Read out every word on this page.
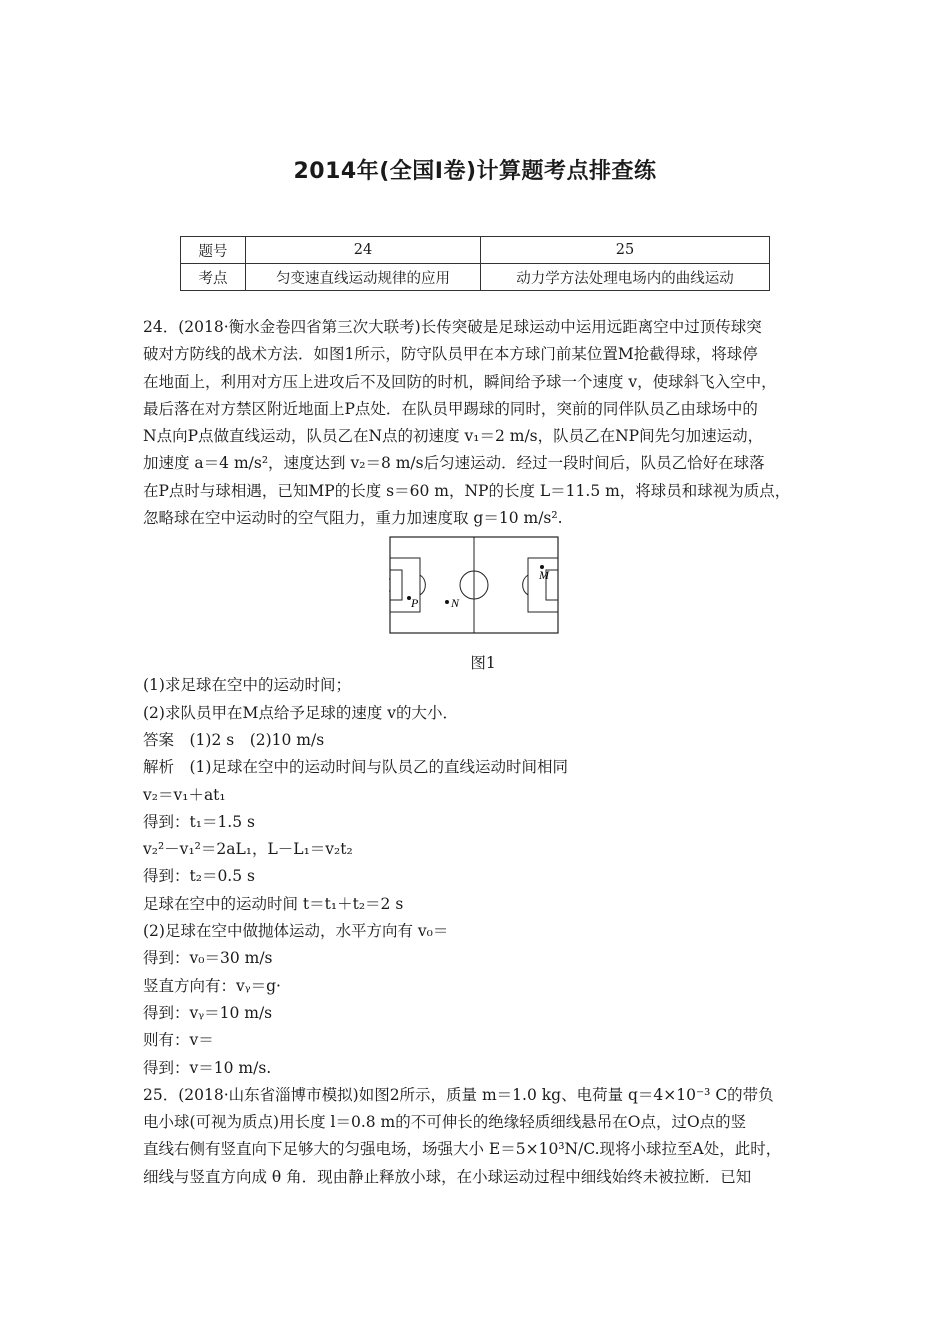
2014年(全国Ⅰ卷)计算题考点排查练
题号	24	25
考点	匀变速直线运动规律的应用	动力学方法处理电场内的曲线运动
24．(2018·衡水金卷四省第三次大联考)长传突破是足球运动中运用远距离空中过顶传球突
破对方防线的战术方法．如图1所示，防守队员甲在本方球门前某位置M抢截得球，将球停
在地面上，利用对方压上进攻后不及回防的时机，瞬间给予球一个速度 v，使球斜飞入空中，
最后落在对方禁区附近地面上P点处．在队员甲踢球的同时，突前的同伴队员乙由球场中的
N点向P点做直线运动，队员乙在N点的初速度 v₁＝2 m/s，队员乙在NP间先匀加速运动，
加速度 a＝4 m/s²，速度达到 v₂＝8 m/s后匀速运动．经过一段时间后，队员乙恰好在球落
在P点时与球相遇，已知MP的长度 s＝60 m，NP的长度 L＝11.5 m，将球员和球视为质点，
忽略球在空中运动时的空气阻力，重力加速度取 g＝10 m/s².
P	N
M
图1
(1)求足球在空中的运动时间；
(2)求队员甲在M点给予足球的速度 v的大小．
答案　(1)2 s　(2)10 m/s
解析　(1)足球在空中的运动时间与队员乙的直线运动时间相同
v₂＝v₁＋at₁
得到：t₁＝1.5 s
v₂²－v₁²＝2aL₁，L－L₁＝v₂t₂
得到：t₂＝0.5 s
足球在空中的运动时间 t＝t₁＋t₂＝2 s
(2)足球在空中做抛体运动，水平方向有 v₀＝
得到：v₀＝30 m/s
竖直方向有：vᵧ＝g·
得到：vᵧ＝10 m/s
则有：v＝
得到：v＝10 m/s.
25．(2018·山东省淄博市模拟)如图2所示，质量 m＝1.0 kg、电荷量 q＝4×10⁻³ C的带负
电小球(可视为质点)用长度 l＝0.8 m的不可伸长的绝缘轻质细线悬吊在O点，过O点的竖
直线右侧有竖直向下足够大的匀强电场，场强大小 E＝5×10³N/C.现将小球拉至A处，此时，
细线与竖直方向成 θ 角．现由静止释放小球，在小球运动过程中细线始终未被拉断．已知
